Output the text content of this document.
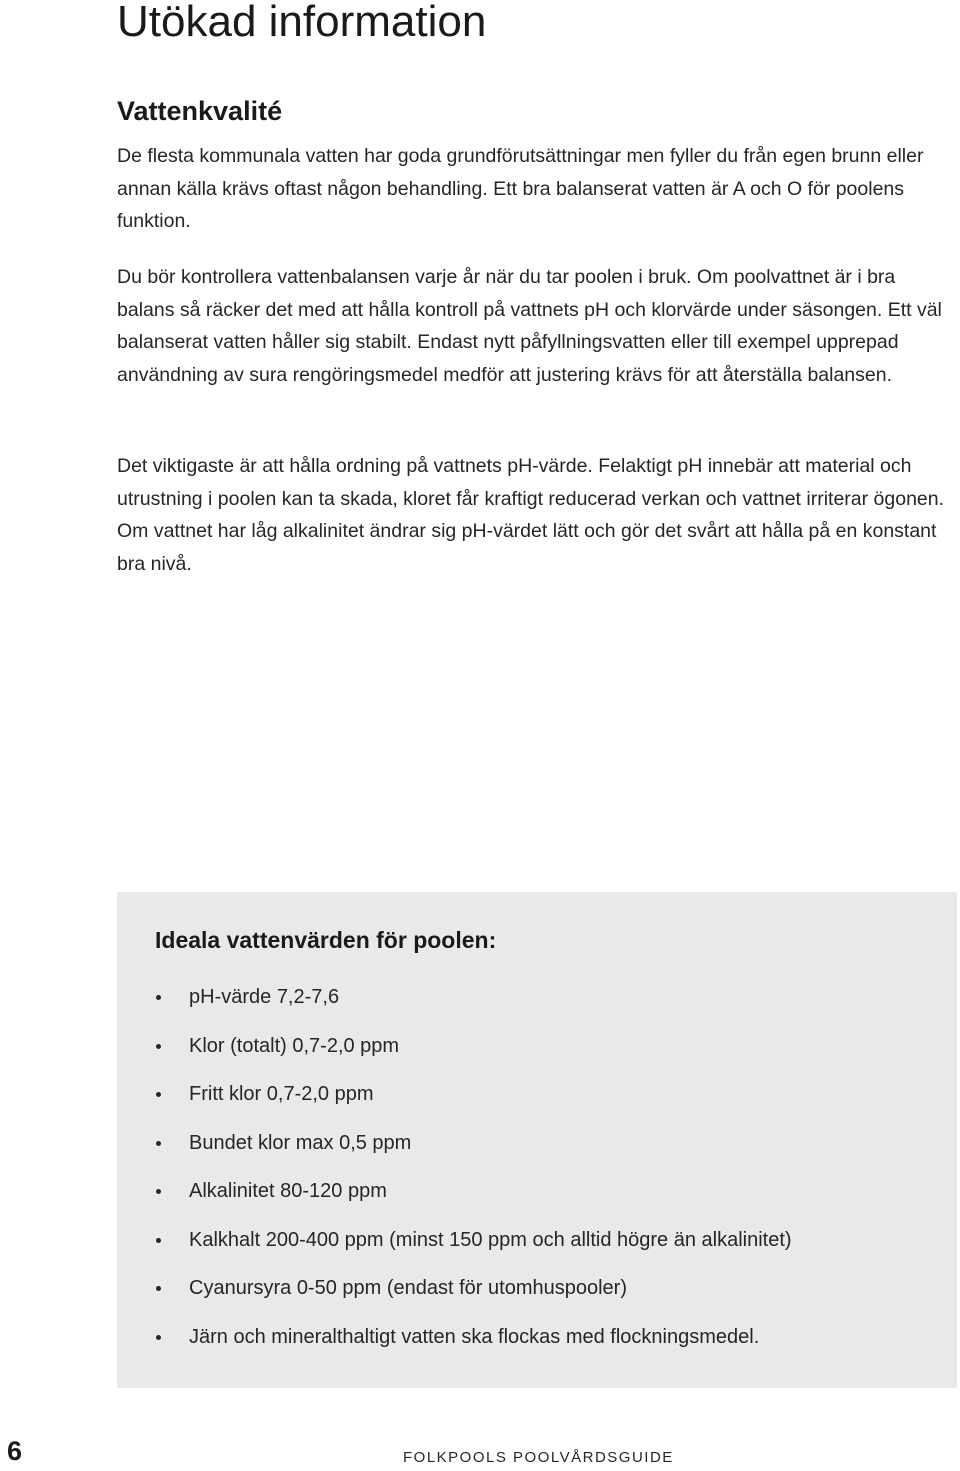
Utökad information
Vattenkvalité

De flesta kommunala vatten har goda grundförutsättningar men fyller du från egen brunn eller annan källa krävs oftast någon behandling. Ett bra balanserat vatten är A och O för poolens funktion.

Du bör kontrollera vattenbalansen varje år när du tar poolen i bruk. Om poolvattnet är i bra balans så räcker det med att hålla kontroll på vattnets pH och klorvärde under säsongen. Ett väl balanserat vatten håller sig stabilt. Endast nytt påfyllningsvatten eller till exempel upprepad användning av sura rengöringsmedel medför att justering krävs för att återställa balansen.

Det viktigaste är att hålla ordning på vattnets pH-värde. Felaktigt pH innebär att material och utrustning i poolen kan ta skada, kloret får kraftigt reducerad verkan och vattnet irriterar ögonen. Om vattnet har låg alkalinitet ändrar sig pH-värdet lätt och gör det svårt att hålla på en konstant bra nivå.

Ideala vattenvärden för poolen:
pH-värde 7,2-7,6
Klor (totalt) 0,7-2,0 ppm
Fritt klor 0,7-2,0 ppm
Bundet klor max 0,5 ppm
Alkalinitet 80-120 ppm
Kalkhalt 200-400 ppm (minst 150 ppm och alltid högre än alkalinitet)
Cyanursyra 0-50 ppm (endast för utomhuspooler)
Järn och mineralthaltigt vatten ska flockas med flockningsmedel.
6	FOLKPOOLS POOLVÅRDSGUIDE
